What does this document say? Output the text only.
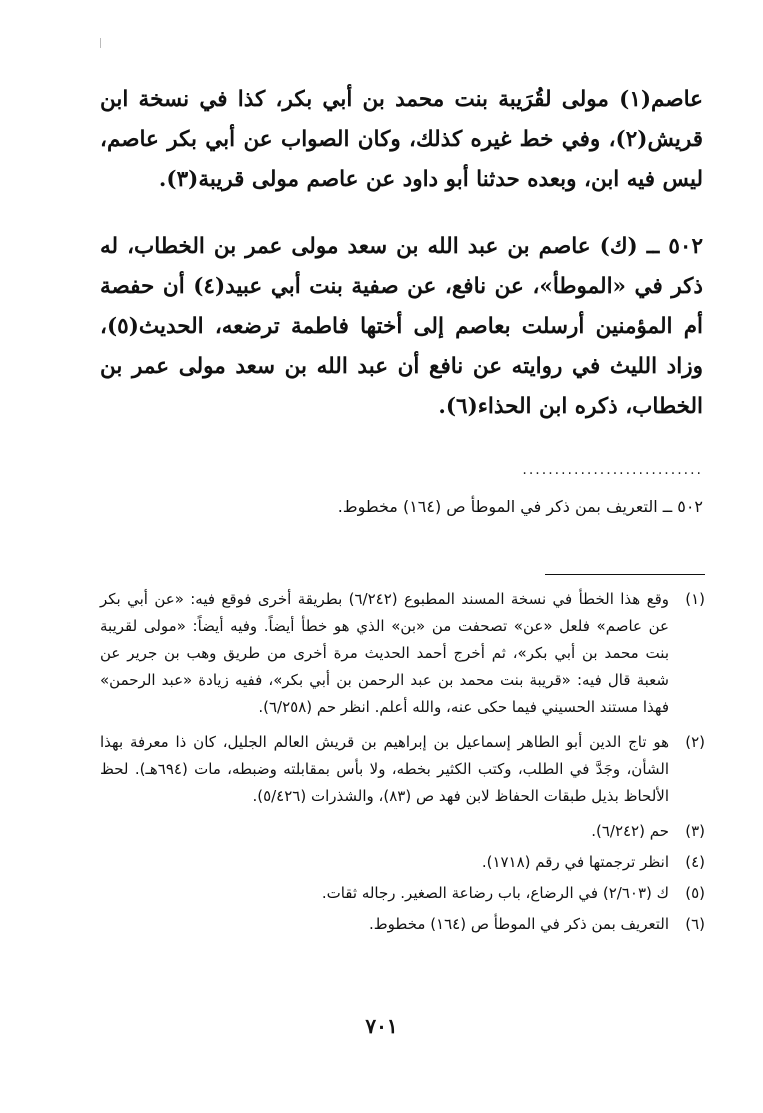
عاصم(١) مولى لقُرَيبة بنت محمد بن أبي بكر، كذا في نسخة ابن قريش(٢)، وفي خط غيره كذلك، وكان الصواب عن أبي بكر عاصم، ليس فيه ابن، وبعده حدثنا أبو داود عن عاصم مولى قريبة(٣).

٥٠٢ ــ (ك) عاصم بن عبد الله بن سعد مولى عمر بن الخطاب، له ذكر في «الموطأ»، عن نافع، عن صفية بنت أبي عبيد(٤) أن حفصة أم المؤمنين أرسلت بعاصم إلى أختها فاطمة ترضعه، الحديث(٥)، وزاد الليث في روايته عن نافع أن عبد الله بن سعد مولى عمر بن الخطاب، ذكره ابن الحذاء(٦).

............................
٥٠٢ ــ التعريف بمن ذكر في الموطأ ص (١٦٤) مخطوط.
(١)
وقع هذا الخطأ في نسخة المسند المطبوع (٦/٢٤٢) بطريقة أخرى فوقع فيه: «عن أبي بكر عن عاصم» فلعل «عن» تصحفت من «بن» الذي هو خطأ أيضاً. وفيه أيضاً: «مولى لقريبة بنت محمد بن أبي بكر»، ثم أخرج أحمد الحديث مرة أخرى من طريق وهب بن جرير عن شعبة قال فيه: «قريبة بنت محمد بن عبد الرحمن بن أبي بكر»، ففيه زيادة «عبد الرحمن» فهذا مستند الحسيني فيما حكى عنه، والله أعلم. انظر حم (٦/٢٥٨).
(٢)
هو تاج الدين أبو الطاهر إسماعيل بن إبراهيم بن قريش العالم الجليل، كان ذا معرفة بهذا الشأن، وجَدَّ في الطلب، وكتب الكثير بخطه، ولا بأس بمقابلته وضبطه، مات (٦٩٤هـ). لحظ الألحاظ بذيل طبقات الحفاظ لابن فهد ص (٨٣)، والشذرات (٥/٤٢٦).
(٣)
حم (٦/٢٤٢).
(٤)
انظر ترجمتها في رقم (١٧١٨).
(٥)
ك (٢/٦٠٣) في الرضاع، باب رضاعة الصغير. رجاله ثقات.
(٦)
التعريف بمن ذكر في الموطأ ص (١٦٤) مخطوط.
٧٠١
